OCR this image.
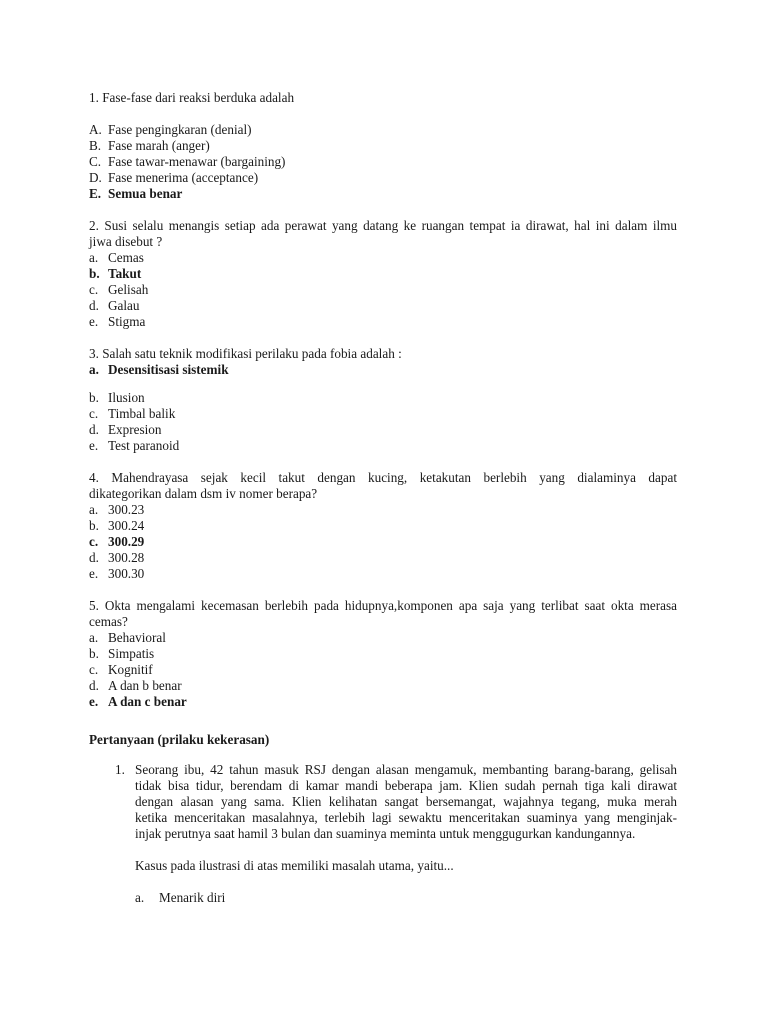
1. Fase-fase dari reaksi berduka adalah
A. Fase pengingkaran (denial)
B. Fase marah (anger)
C. Fase tawar-menawar (bargaining)
D. Fase menerima (acceptance)
E. Semua benar
2. Susi selalu menangis setiap ada perawat yang datang ke ruangan tempat ia dirawat, hal ini dalam ilmu
jiwa disebut ?
a. Cemas
b. Takut
c. Gelisah
d. Galau
e. Stigma
3. Salah satu teknik modifikasi perilaku pada fobia adalah :
a. Desensitisasi sistemik
b. Ilusion
c. Timbal balik
d. Expresion
e. Test paranoid
4. Mahendrayasa sejak kecil takut dengan kucing, ketakutan berlebih yang dialaminya dapat
dikategorikan dalam dsm iv nomer berapa?
a. 300.23
b. 300.24
c. 300.29
d. 300.28
e. 300.30
5. Okta mengalami kecemasan berlebih pada hidupnya,komponen apa saja yang terlibat saat okta merasa
cemas?
a. Behavioral
b. Simpatis
c. Kognitif
d. A dan b benar
e. A dan c benar
Pertanyaan (prilaku kekerasan)
1. Seorang ibu, 42 tahun masuk RSJ dengan alasan mengamuk, membanting barang-barang, gelisah
tidak bisa tidur, berendam di kamar mandi beberapa jam. Klien sudah pernah tiga kali dirawat
dengan alasan yang sama. Klien kelihatan sangat bersemangat, wajahnya tegang, muka merah
ketika menceritakan masalahnya, terlebih lagi sewaktu menceritakan suaminya yang menginjak-
injak perutnya saat hamil 3 bulan dan suaminya meminta untuk menggugurkan kandungannya.
Kasus pada ilustrasi di atas memiliki masalah utama, yaitu...
a.	Menarik diri
